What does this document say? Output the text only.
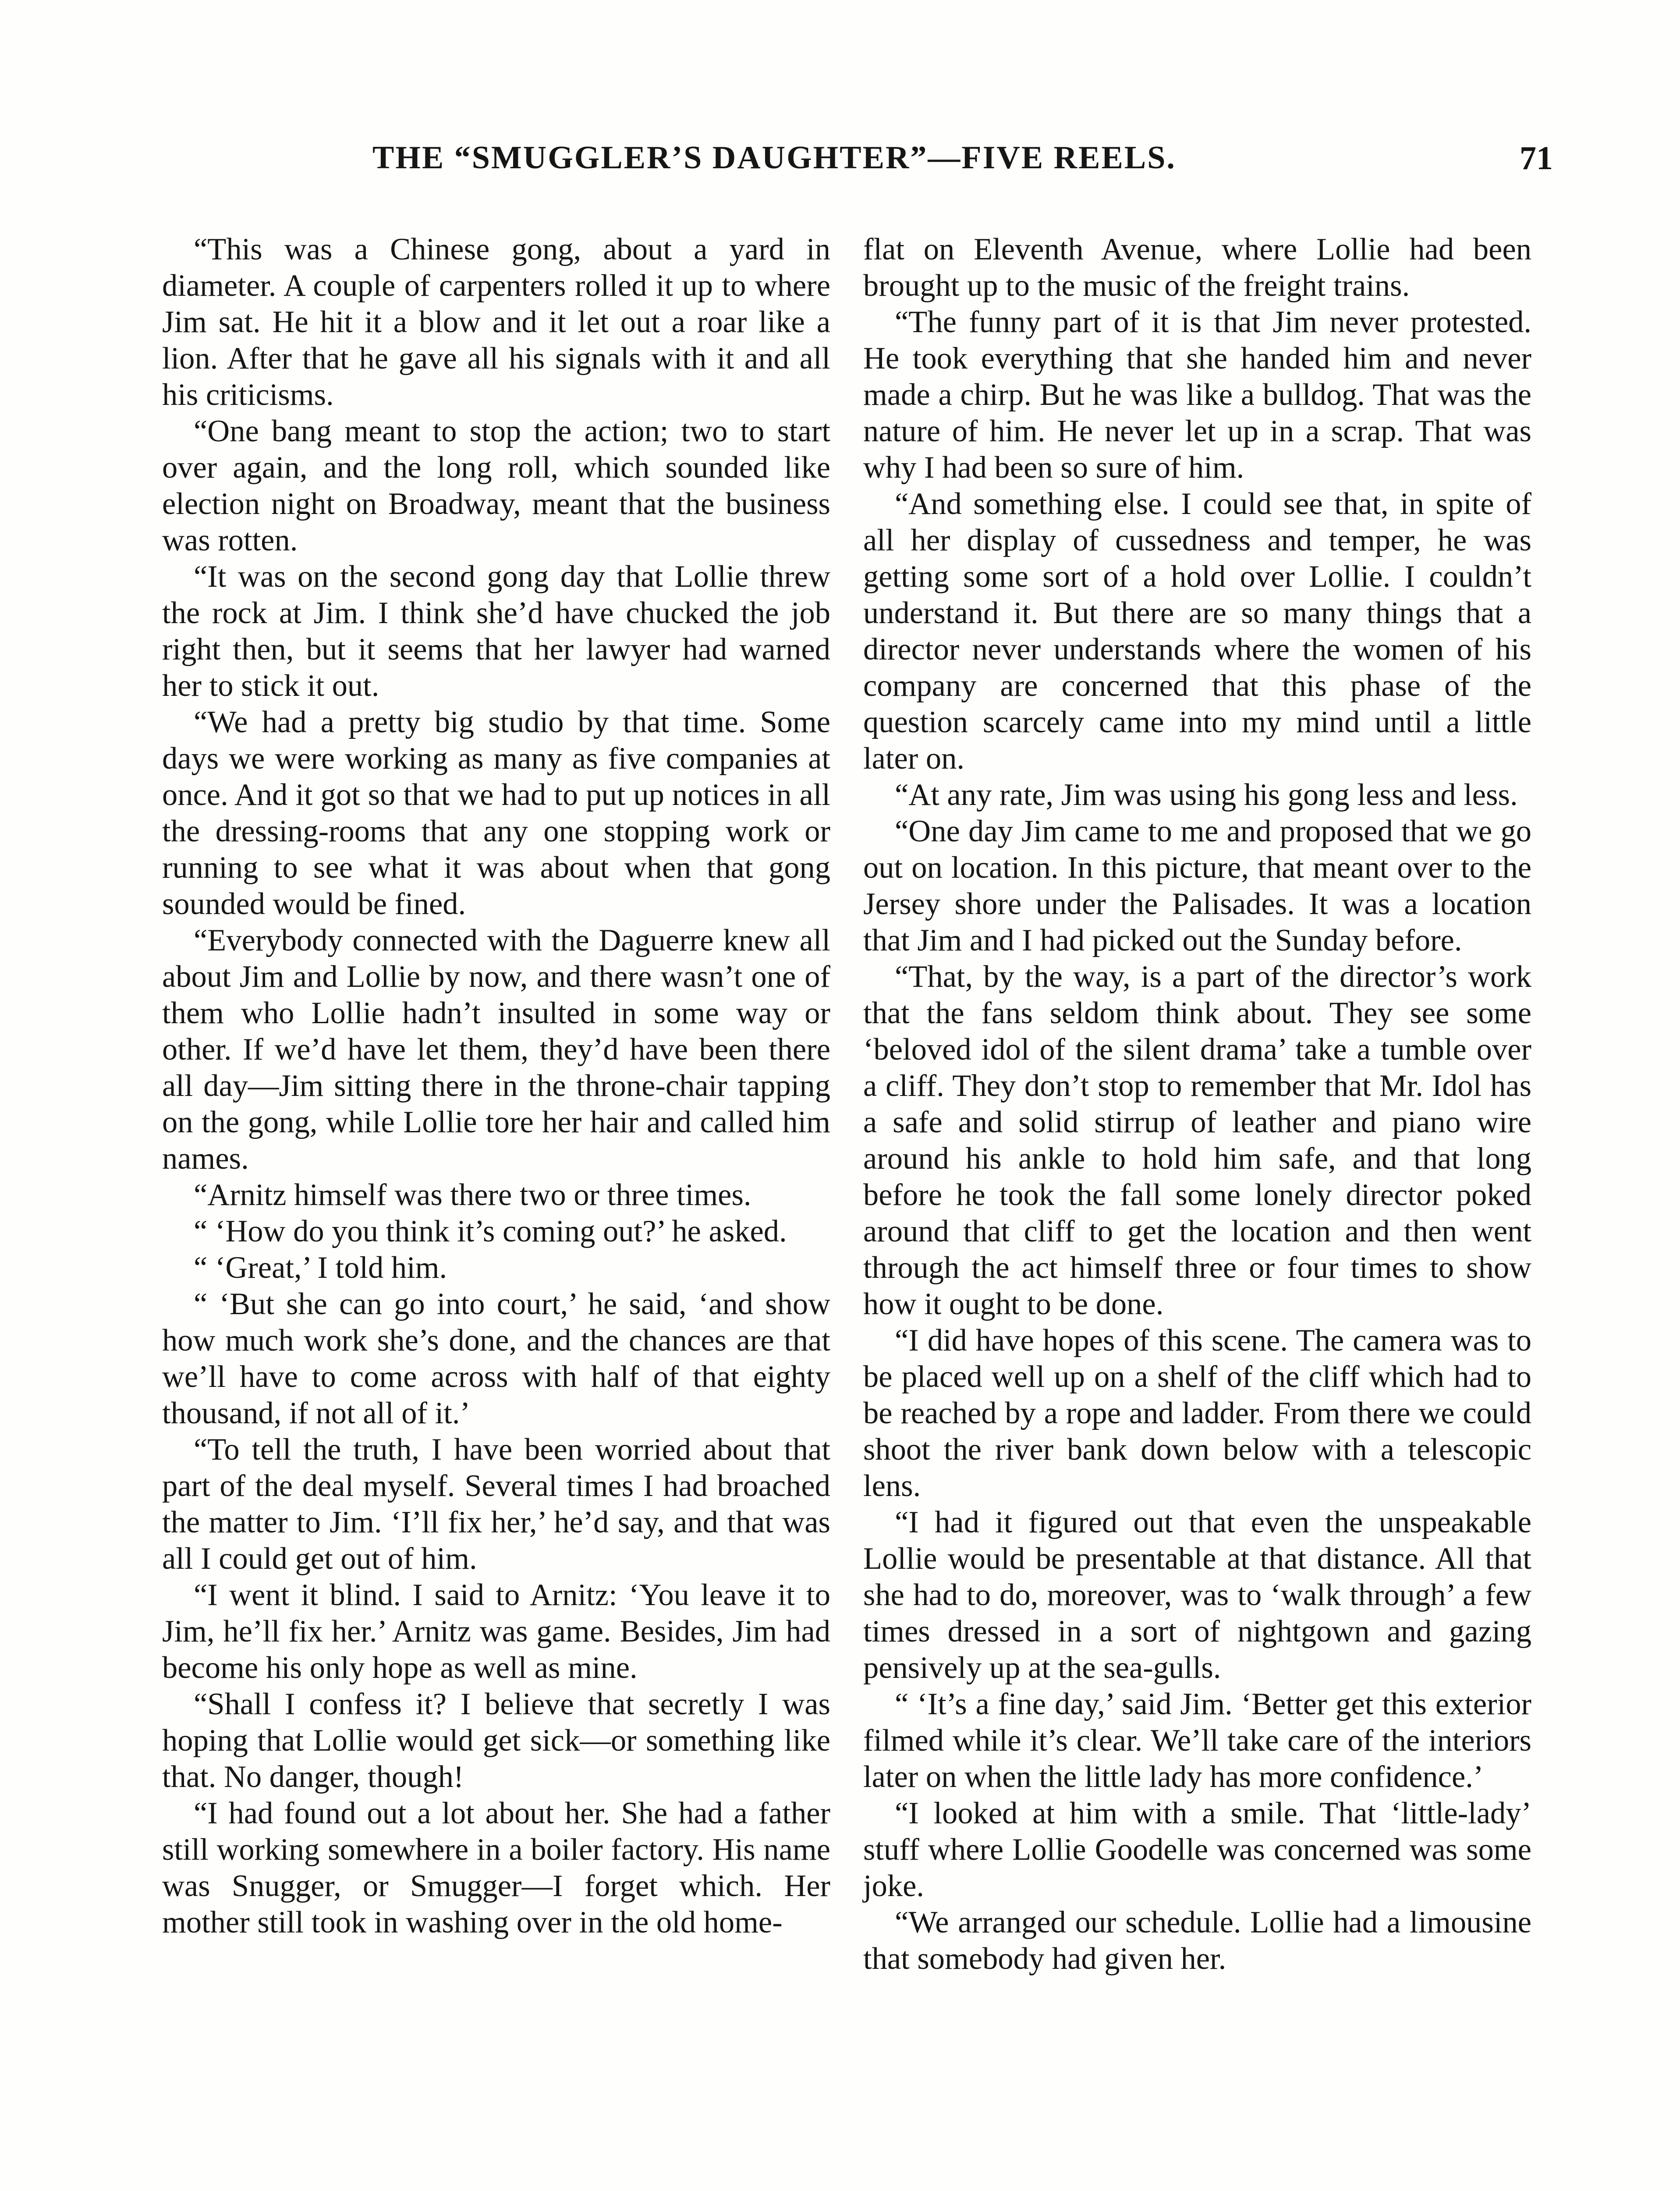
THE “SMUGGLER’S DAUGHTER”—FIVE REELS.	71

“This was a Chinese gong, about a yard in diameter. A couple of carpenters rolled it up to where Jim sat. He hit it a blow and it let out a roar like a lion. After that he gave all his signals with it and all his criticisms.

“One bang meant to stop the action; two to start over again, and the long roll, which sounded like election night on Broadway, meant that the business was rotten.

“It was on the second gong day that Lollie threw the rock at Jim. I think she’d have chucked the job right then, but it seems that her lawyer had warned her to stick it out.

“We had a pretty big studio by that time. Some days we were working as many as five companies at once. And it got so that we had to put up notices in all the dressing-rooms that any one stopping work or running to see what it was about when that gong sounded would be fined.

“Everybody connected with the Daguerre knew all about Jim and Lollie by now, and there wasn’t one of them who Lollie hadn’t insulted in some way or other. If we’d have let them, they’d have been there all day—Jim sitting there in the throne-chair tapping on the gong, while Lollie tore her hair and called him names.

“Arnitz himself was there two or three times.

“ ‘How do you think it’s coming out?’ he asked.

“ ‘Great,’ I told him.

“ ‘But she can go into court,’ he said, ‘and show how much work she’s done, and the chances are that we’ll have to come across with half of that eighty thousand, if not all of it.’

“To tell the truth, I have been worried about that part of the deal myself. Several times I had broached the matter to Jim. ‘I’ll fix her,’ he’d say, and that was all I could get out of him.

“I went it blind. I said to Arnitz: ‘You leave it to Jim, he’ll fix her.’ Arnitz was game. Besides, Jim had become his only hope as well as mine.

“Shall I confess it? I believe that secretly I was hoping that Lollie would get sick—or something like that. No danger, though!

“I had found out a lot about her. She had a father still working somewhere in a boiler factory. His name was Snugger, or Smugger—I forget which. Her mother still took in washing over in the old home-

flat on Eleventh Avenue, where Lollie had been brought up to the music of the freight trains.

“The funny part of it is that Jim never protested. He took everything that she handed him and never made a chirp. But he was like a bulldog. That was the nature of him. He never let up in a scrap. That was why I had been so sure of him.

“And something else. I could see that, in spite of all her display of cussedness and temper, he was getting some sort of a hold over Lollie. I couldn’t understand it. But there are so many things that a director never understands where the women of his company are concerned that this phase of the question scarcely came into my mind until a little later on.

“At any rate, Jim was using his gong less and less.

“One day Jim came to me and proposed that we go out on location. In this picture, that meant over to the Jersey shore under the Palisades. It was a location that Jim and I had picked out the Sunday before.

“That, by the way, is a part of the director’s work that the fans seldom think about. They see some ‘beloved idol of the silent drama’ take a tumble over a cliff. They don’t stop to remember that Mr. Idol has a safe and solid stirrup of leather and piano wire around his ankle to hold him safe, and that long before he took the fall some lonely director poked around that cliff to get the location and then went through the act himself three or four times to show how it ought to be done.

“I did have hopes of this scene. The camera was to be placed well up on a shelf of the cliff which had to be reached by a rope and ladder. From there we could shoot the river bank down below with a telescopic lens.

“I had it figured out that even the unspeakable Lollie would be presentable at that distance. All that she had to do, moreover, was to ‘walk through’ a few times dressed in a sort of nightgown and gazing pensively up at the sea-gulls.

“ ‘It’s a fine day,’ said Jim. ‘Better get this exterior filmed while it’s clear. We’ll take care of the interiors later on when the little lady has more confidence.’

“I looked at him with a smile. That ‘little-lady’ stuff where Lollie Goodelle was concerned was some joke.

“We arranged our schedule. Lollie had a limousine that somebody had given her.
